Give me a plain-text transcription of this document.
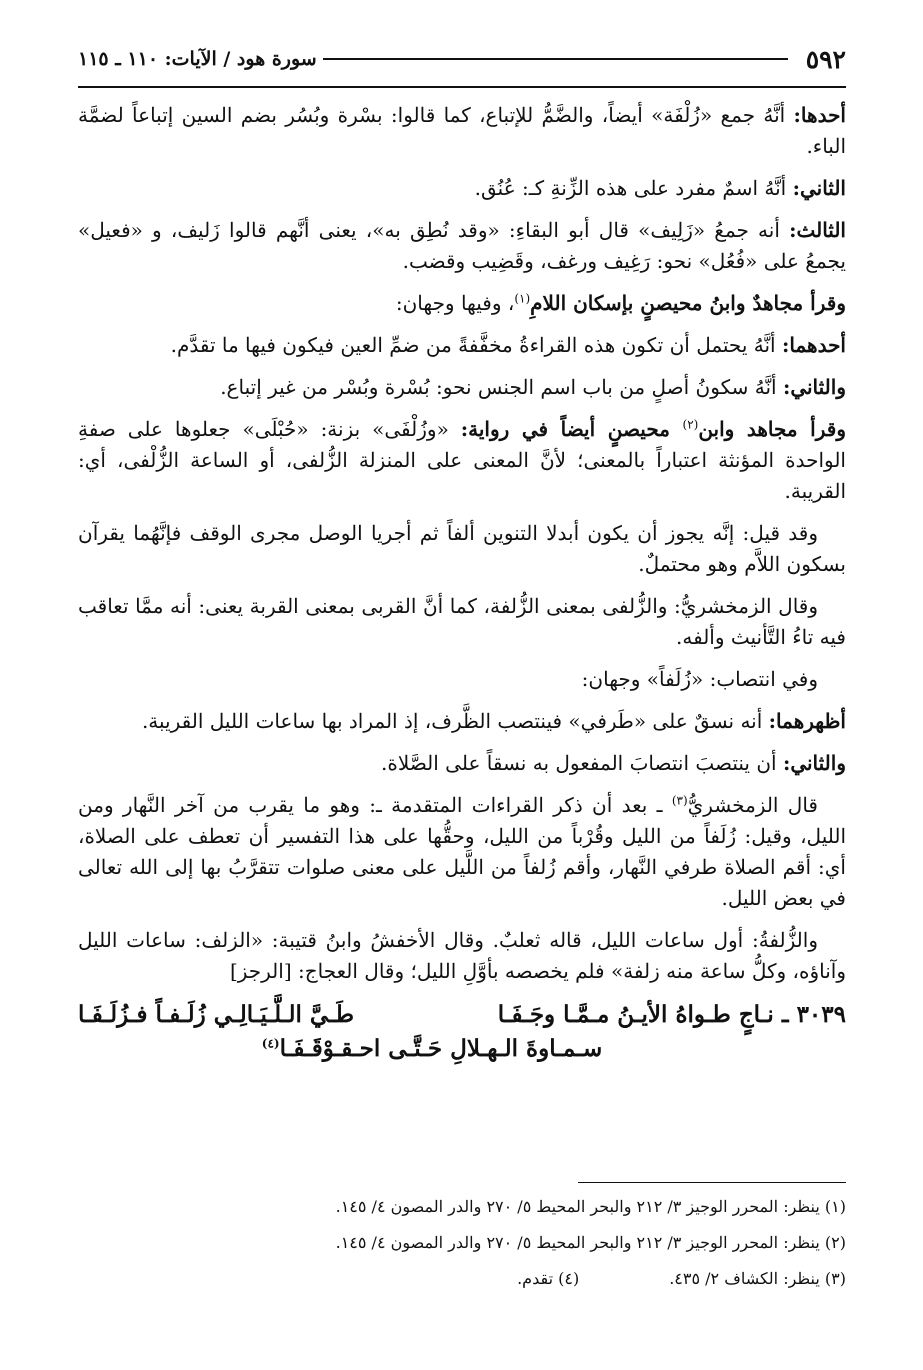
٥٩٢
سورة هود / الآيات: ١١٠ ـ ١١٥

أحدها: أنَّهُ جمع «زُلْفَة» أيضاً، والضَّمُّ للإتباع، كما قالوا: بسْرة وبُسُر بضم السين إتباعاً لضمَّة الباء.

الثاني: أنَّهُ اسمٌ مفرد على هذه الزِّنةِ كـ: عُنُق.

الثالث: أنه جمعُ «زَلِيف» قال أبو البقاءِ: «وقد نُطِق به»، يعنى أنَّهم قالوا زَليف، و «فعيل» يجمعُ على «فُعُل» نحو: رَغِيف ورغف، وقَضِيب وقضب.

وقرأ مجاهدٌ وابنُ محيصنٍ بإسكان اللامِ$^{(١)}$، وفيها وجهان:

أحدهما: أنَّهُ يحتمل أن تكون هذه القراءةُ مخفَّفةً من ضمِّ العين فيكون فيها ما تقدَّم.

والثاني: أنَّهُ سكونُ أصلٍ من باب اسم الجنس نحو: بُسْرة وبُسْر من غير إتباع.

وقرأ مجاهد وابن$^{(٢)}$ محيصنٍ أيضاً في رواية: «وزُلْفَى» بزنة: «حُبْلَى» جعلوها على صفةِ الواحدة المؤنثة اعتباراً بالمعنى؛ لأنَّ المعنى على المنزلة الزُّلفى، أو الساعة الزُّلْفى، أي: القريبة.

وقد قيل: إنَّه يجوز أن يكون أبدلا التنوين ألفاً ثم أجريا الوصل مجرى الوقف فإنَّهُما يقرآن بسكون اللاَّم وهو محتملٌ.

وقال الزمخشريُّ: والزُّلفى بمعنى الزُّلفة، كما أنَّ القربى بمعنى القربة يعنى: أنه ممَّا تعاقب فيه تاءُ التَّأنيث وألفه.

وفي انتصاب: «زُلَفاً» وجهان:

أظهرهما: أنه نسقٌ على «طَرفي» فينتصب الظَّرف، إذ المراد بها ساعات الليل القريبة.

والثاني: أن ينتصبَ انتصابَ المفعول به نسقاً على الصَّلاة.

قال الزمخشريُّ$^{(٣)}$ ـ بعد أن ذكر القراءات المتقدمة ـ: وهو ما يقرب من آخر النَّهار ومن الليل، وقيل: زُلَفاً من الليل وقُرْباً من الليل، وحقُّها على هذا التفسير أن تعطف على الصلاة، أي: أقم الصلاة طرفي النَّهار، وأقم زُلفاً من اللَّيل على معنى صلوات تتقرَّبُ بها إلى الله تعالى في بعض الليل.

والزُّلفةُ: أول ساعات الليل، قاله ثعلبٌ. وقال الأخفشُ وابنُ قتيبة: «الزلف: ساعات الليل وآناؤه، وكلُّ ساعة منه زلفة» فلم يخصصه بأوَّلِ الليل؛ وقال العجاج: [الرجز]

٣٠٣٩ ـ نـاجٍ طـواهُ الأيـنُ مـمَّـا وجَـفَـا
طَـيَّ الـلَّـيَـالِـي زُلَـفـاً فـزُلَـفَـا
سـمـاوةَ الـهـلالِ حَـتَّـى احـقـوْقَـفَـا$^{(٤)}$
(١) ينظر: المحرر الوجيز ٣/ ٢١٢ والبحر المحيط ٥/ ٢٧٠ والدر المصون ٤/ ١٤٥.
(٢) ينظر: المحرر الوجيز ٣/ ٢١٢ والبحر المحيط ٥/ ٢٧٠ والدر المصون ٤/ ١٤٥.
(٣) ينظر: الكشاف ٢/ ٤٣٥.
(٤) تقدم.
